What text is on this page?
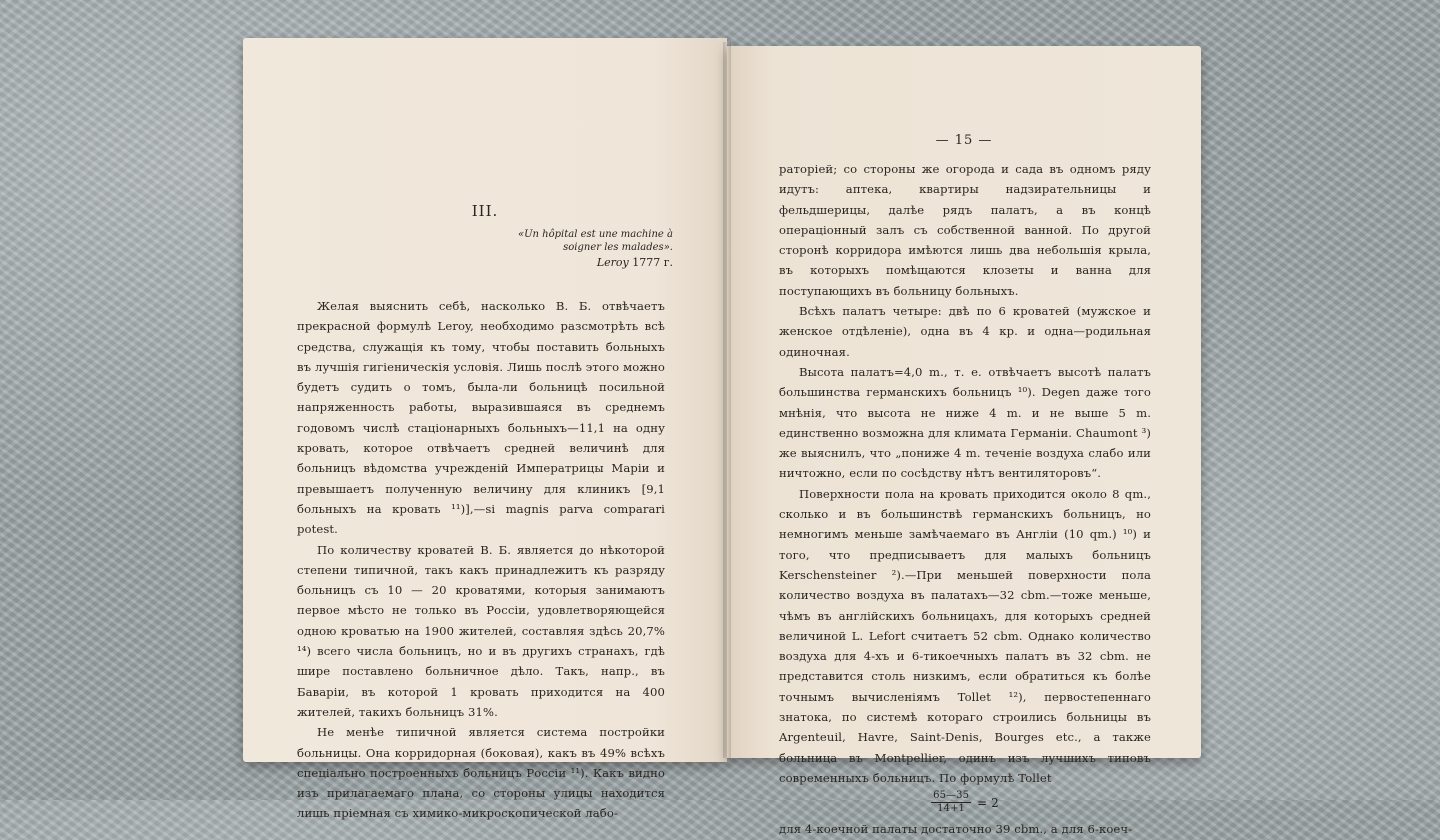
III.
«Un hôpital est une machine à soigner les malades».
Leroy 1777 г.

Желая выяснить себѣ, насколько В. Б. отвѣчаетъ прекрасной формулѣ Leroy, необходимо разсмотрѣть всѣ средства, служащія къ тому, чтобы поставить больныхъ въ лучшія гигіеническія условія. Лишь послѣ этого можно будетъ судить о томъ, была-ли больницѣ посильной напряженность работы, выразившаяся въ среднемъ годовомъ числѣ стаціонарныхъ больныхъ—11,1 на одну кровать, которое отвѣчаетъ средней величинѣ для больницъ вѣдомства учрежденій Императрицы Маріи и превышаетъ полученную величину для клиникъ [9,1 больныхъ на кровать ¹¹)],—si magnis parva comparari potest.

По количеству кроватей В. Б. является до нѣкоторой степени типичной, такъ какъ принадлежитъ къ разряду больницъ съ 10 — 20 кроватями, которыя занимаютъ первое мѣсто не только въ Россіи, удовлетворяющейся одною кроватью на 1900 жителей, составляя здѣсь 20,7% ¹⁴) всего числа больницъ, но и въ другихъ странахъ, гдѣ шире поставлено больничное дѣло. Такъ, напр., въ Баваріи, въ которой 1 кровать приходится на 400 жителей, такихъ больницъ 31%.

Не менѣе типичной является система постройки больницы. Она корридорная (боковая), какъ въ 49% всѣхъ спеціально построенныхъ больницъ Россіи ¹¹). Какъ видно изъ прилагаемаго плана, со стороны улицы находится лишь пріемная съ химико-микроскопической лабо-

— 15 —

раторіей; со стороны же огорода и сада въ одномъ ряду идутъ: аптека, квартиры надзирательницы и фельдшерицы, далѣе рядъ палатъ, а въ концѣ операціонный залъ съ собственной ванной. По другой сторонѣ корридора имѣются лишь два небольшія крыла, въ которыхъ помѣщаются клозеты и ванна для поступающихъ въ больницу больныхъ.

Всѣхъ палатъ четыре: двѣ по 6 кроватей (мужское и женское отдѣленіе), одна въ 4 кр. и одна—родильная одиночная.

Высота палатъ=4,0 m., т. е. отвѣчаетъ высотѣ палатъ большинства германскихъ больницъ ¹⁰). Degen даже того мнѣнія, что высота не ниже 4 m. и не выше 5 m. единственно возможна для климата Германіи. Chaumont ³) же выяснилъ, что „пониже 4 m. теченіе воздуха слабо или ничтожно, если по сосѣдству нѣтъ вентиляторовъ“.

Поверхности пола на кровать приходится около 8 qm., сколько и въ большинствѣ германскихъ больницъ, но немногимъ меньше замѣчаемаго въ Англіи (10 qm.) ¹⁰) и того, что предписываетъ для малыхъ больницъ Kerschensteiner ²).—При меньшей поверхности пола количество воздуха въ палатахъ—32 cbm.—тоже меньше, чѣмъ въ англійскихъ больницахъ, для которыхъ средней величиной L. Lefort считаетъ 52 cbm. Однако количество воздуха для 4-хъ и 6-тикоечныхъ палатъ въ 32 cbm. не представится столь низкимъ, если обратиться къ болѣе точнымъ вычисленіямъ Tollet ¹²), первостепеннаго знатока, по системѣ котораго строились больницы въ Argenteuil, Havre, Saint-Denis, Bourges etc., а также больница въ Montpellier, одинъ изъ лучшихъ типовъ современныхъ больницъ. По формулѣ Tollet

$\frac{65—35}{14+1} = 2$

для 4-коечной палаты достаточно 39 cbm., а для 6-коеч-
